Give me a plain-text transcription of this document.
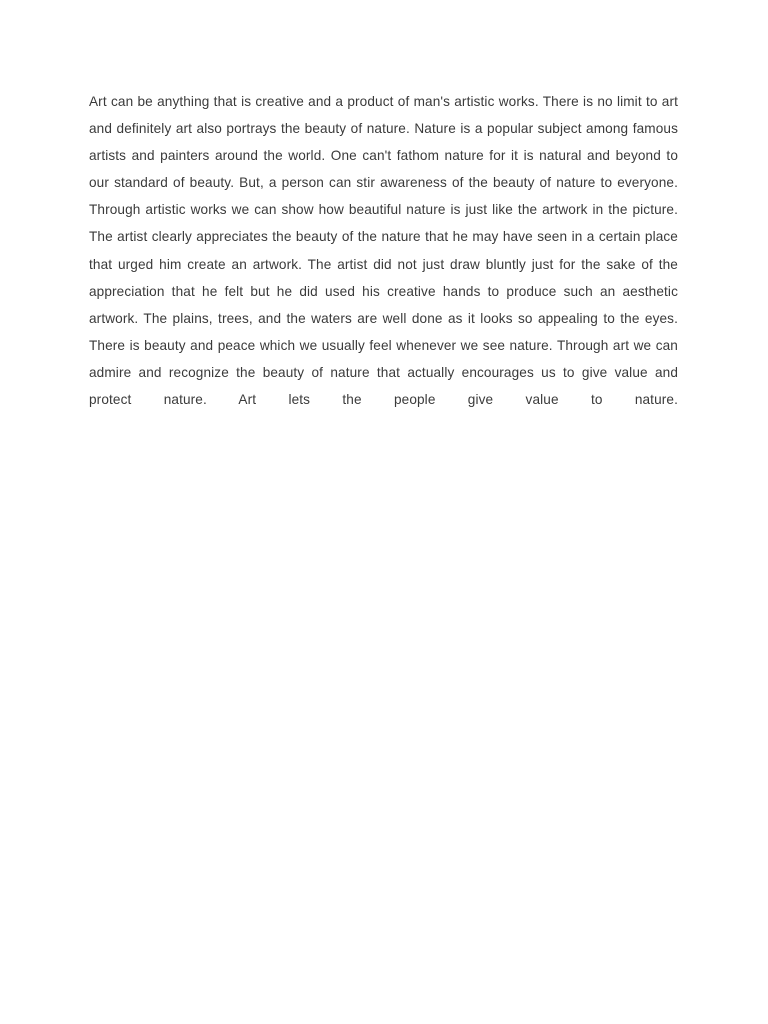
Art can be anything that is creative and a product of man's artistic works. There is no limit to art and definitely art also portrays the beauty of nature. Nature is a popular subject among famous artists and painters around the world. One can't fathom nature for it is natural and beyond to our standard of beauty. But, a person can stir awareness of the beauty of nature to everyone. Through artistic works we can show how beautiful nature is just like the artwork in the picture. The artist clearly appreciates the beauty of the nature that he may have seen in a certain place that urged him create an artwork. The artist did not just draw bluntly just for the sake of the appreciation that he felt but he did used his creative hands to produce such an aesthetic artwork. The plains, trees, and the waters are well done as it looks so appealing to the eyes. There is beauty and peace which we usually feel whenever we see nature. Through art we can admire and recognize the beauty of nature that actually encourages us to give value and protect nature. Art lets the people give value to nature.
